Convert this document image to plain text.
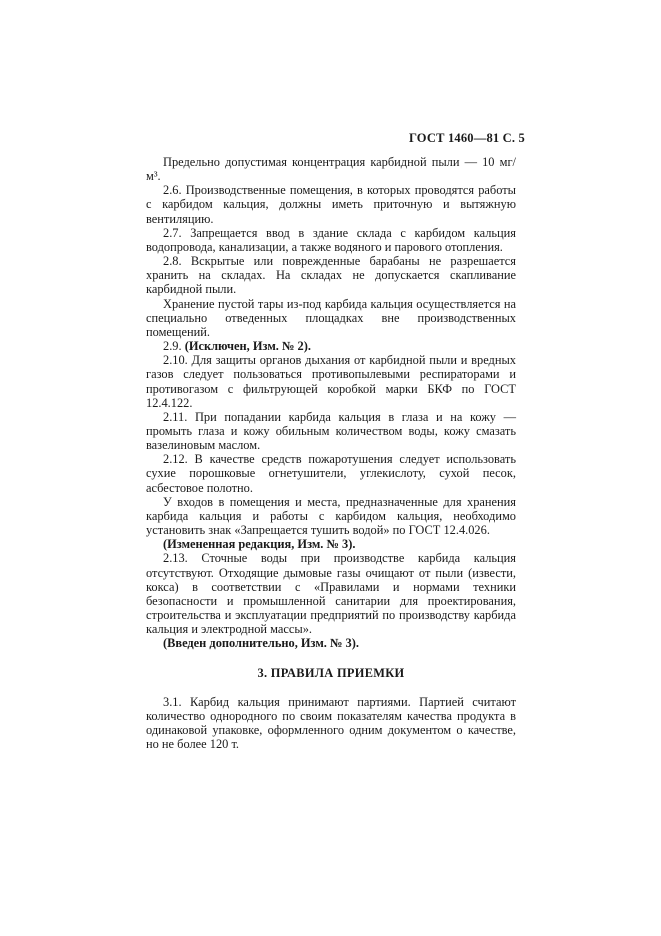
ГОСТ 1460—81 С. 5

Предельно допустимая концентрация карбидной пыли — 10 мг/м³.

2.6. Производственные помещения, в которых проводятся работы с карбидом кальция, должны иметь приточную и вытяжную вентиляцию.

2.7. Запрещается ввод в здание склада с карбидом кальция водопровода, канализации, а также водяного и парового отопления.

2.8. Вскрытые или поврежденные барабаны не разрешается хранить на складах. На складах не допускается скапливание карбидной пыли.

Хранение пустой тары из-под карбида кальция осуществляется на специально отведенных площадках вне производственных помещений.

2.9. (Исключен, Изм. № 2).

2.10. Для защиты органов дыхания от карбидной пыли и вредных газов следует пользоваться противопылевыми респираторами и противогазом с фильтрующей коробкой марки БКФ по ГОСТ 12.4.122.

2.11. При попадании карбида кальция в глаза и на кожу — промыть глаза и кожу обильным количеством воды, кожу смазать вазелиновым маслом.

2.12. В качестве средств пожаротушения следует использовать сухие порошковые огнетушители, углекислоту, сухой песок, асбестовое полотно.

У входов в помещения и места, предназначенные для хранения карбида кальция и работы с карбидом кальция, необходимо установить знак «Запрещается тушить водой» по ГОСТ 12.4.026.

(Измененная редакция, Изм. № 3).

2.13. Сточные воды при производстве карбида кальция отсутствуют. Отходящие дымовые газы очищают от пыли (извести, кокса) в соответствии с «Правилами и нормами техники безопасности и промышленной санитарии для проектирования, строительства и эксплуатации предприятий по производству карбида кальция и электродной массы».

(Введен дополнительно, Изм. № 3).

3. ПРАВИЛА ПРИЕМКИ

3.1. Карбид кальция принимают партиями. Партией считают количество однородного по своим показателям качества продукта в одинаковой упаковке, оформленного одним документом о качестве, но не более 120 т.
